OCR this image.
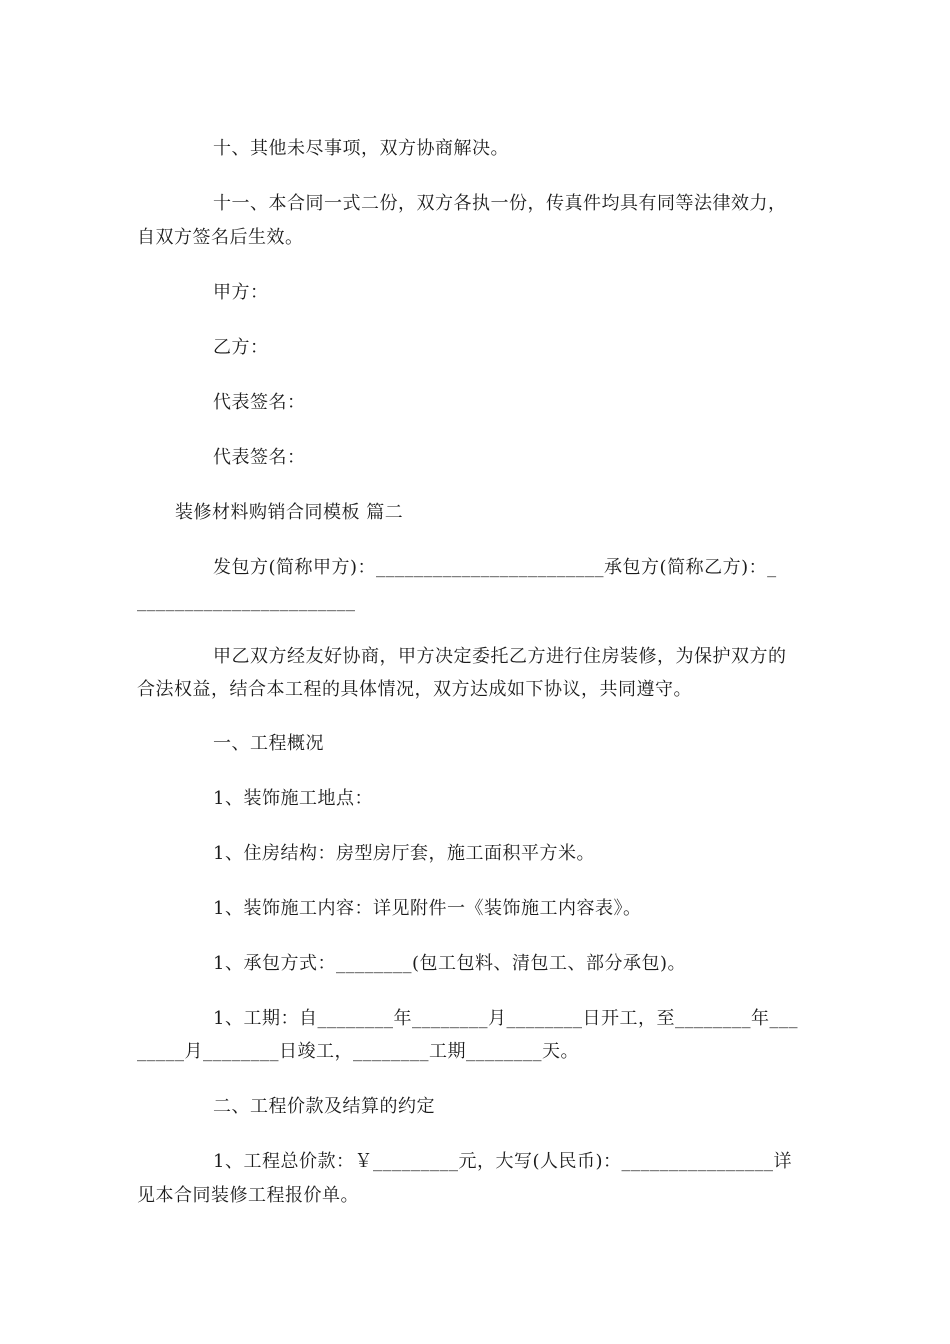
十、其他未尽事项，双方协商解决。
十一、本合同一式二份，双方各执一份，传真件均具有同等法律效力，
自双方签名后生效。
甲方：
乙方：
代表签名：
代表签名：
装修材料购销合同模板 篇二
发包方(简称甲方)：________________________承包方(简称乙方)：_
_______________________
甲乙双方经友好协商，甲方决定委托乙方进行住房装修，为保护双方的
合法权益，结合本工程的具体情况，双方达成如下协议，共同遵守。
一、工程概况
1、装饰施工地点：
1、住房结构：房型房厅套，施工面积平方米。
1、装饰施工内容：详见附件一《装饰施工内容表》。
1、承包方式：________(包工包料、清包工、部分承包)。
1、工期：自________年________月________日开工，至________年___
_____月________日竣工，________工期________天。
二、工程价款及结算的约定
1、工程总价款：￥_________元，大写(人民币)：________________详
见本合同装修工程报价单。
